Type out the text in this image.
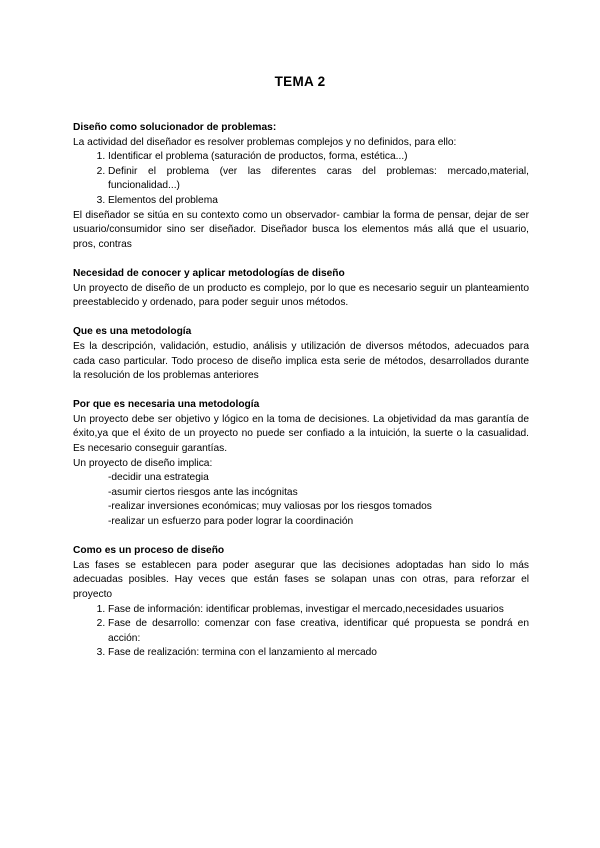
TEMA 2

Diseño como solucionador de problemas:

La actividad del diseñador es resolver problemas complejos y no definidos, para ello:

1. Identificar el problema (saturación de productos, forma, estética...)
2. Definir el problema (ver las diferentes caras del problemas: mercado,material, funcionalidad...)
3. Elementos del problema

El diseñador se sitúa en su contexto como un observador- cambiar la forma de pensar, dejar de ser usuario/consumidor sino ser diseñador. Diseñador busca los elementos más allá que el usuario, pros, contras

Necesidad de conocer y aplicar metodologías de diseño

Un proyecto de diseño de un producto es complejo, por lo que es necesario seguir un planteamiento preestablecido y ordenado, para poder seguir unos métodos.

Que es una metodología

Es la descripción, validación, estudio, análisis y utilización de diversos métodos, adecuados para cada caso particular. Todo proceso de diseño implica esta serie de métodos, desarrollados durante la resolución de los problemas anteriores

Por que es necesaria una metodología

Un proyecto debe ser objetivo y lógico en la toma de decisiones. La objetividad da mas garantía de éxito,ya que el éxito de un proyecto no puede ser confiado a la intuición, la suerte o la casualidad. Es necesario conseguir garantías.

Un proyecto de diseño implica:

-decidir una estrategia
-asumir ciertos riesgos ante las incógnitas
-realizar inversiones económicas; muy valiosas por los riesgos tomados
-realizar un esfuerzo para poder lograr la coordinación

Como es un proceso de diseño

Las fases se establecen para poder asegurar que las decisiones adoptadas han sido lo más adecuadas posibles. Hay veces que están fases se solapan unas con otras, para reforzar el proyecto

1. Fase de información: identificar problemas, investigar el mercado,necesidades usuarios
2. Fase de desarrollo: comenzar con fase creativa, identificar qué propuesta se pondrá en acción:
3. Fase de realización: termina con el lanzamiento al mercado
